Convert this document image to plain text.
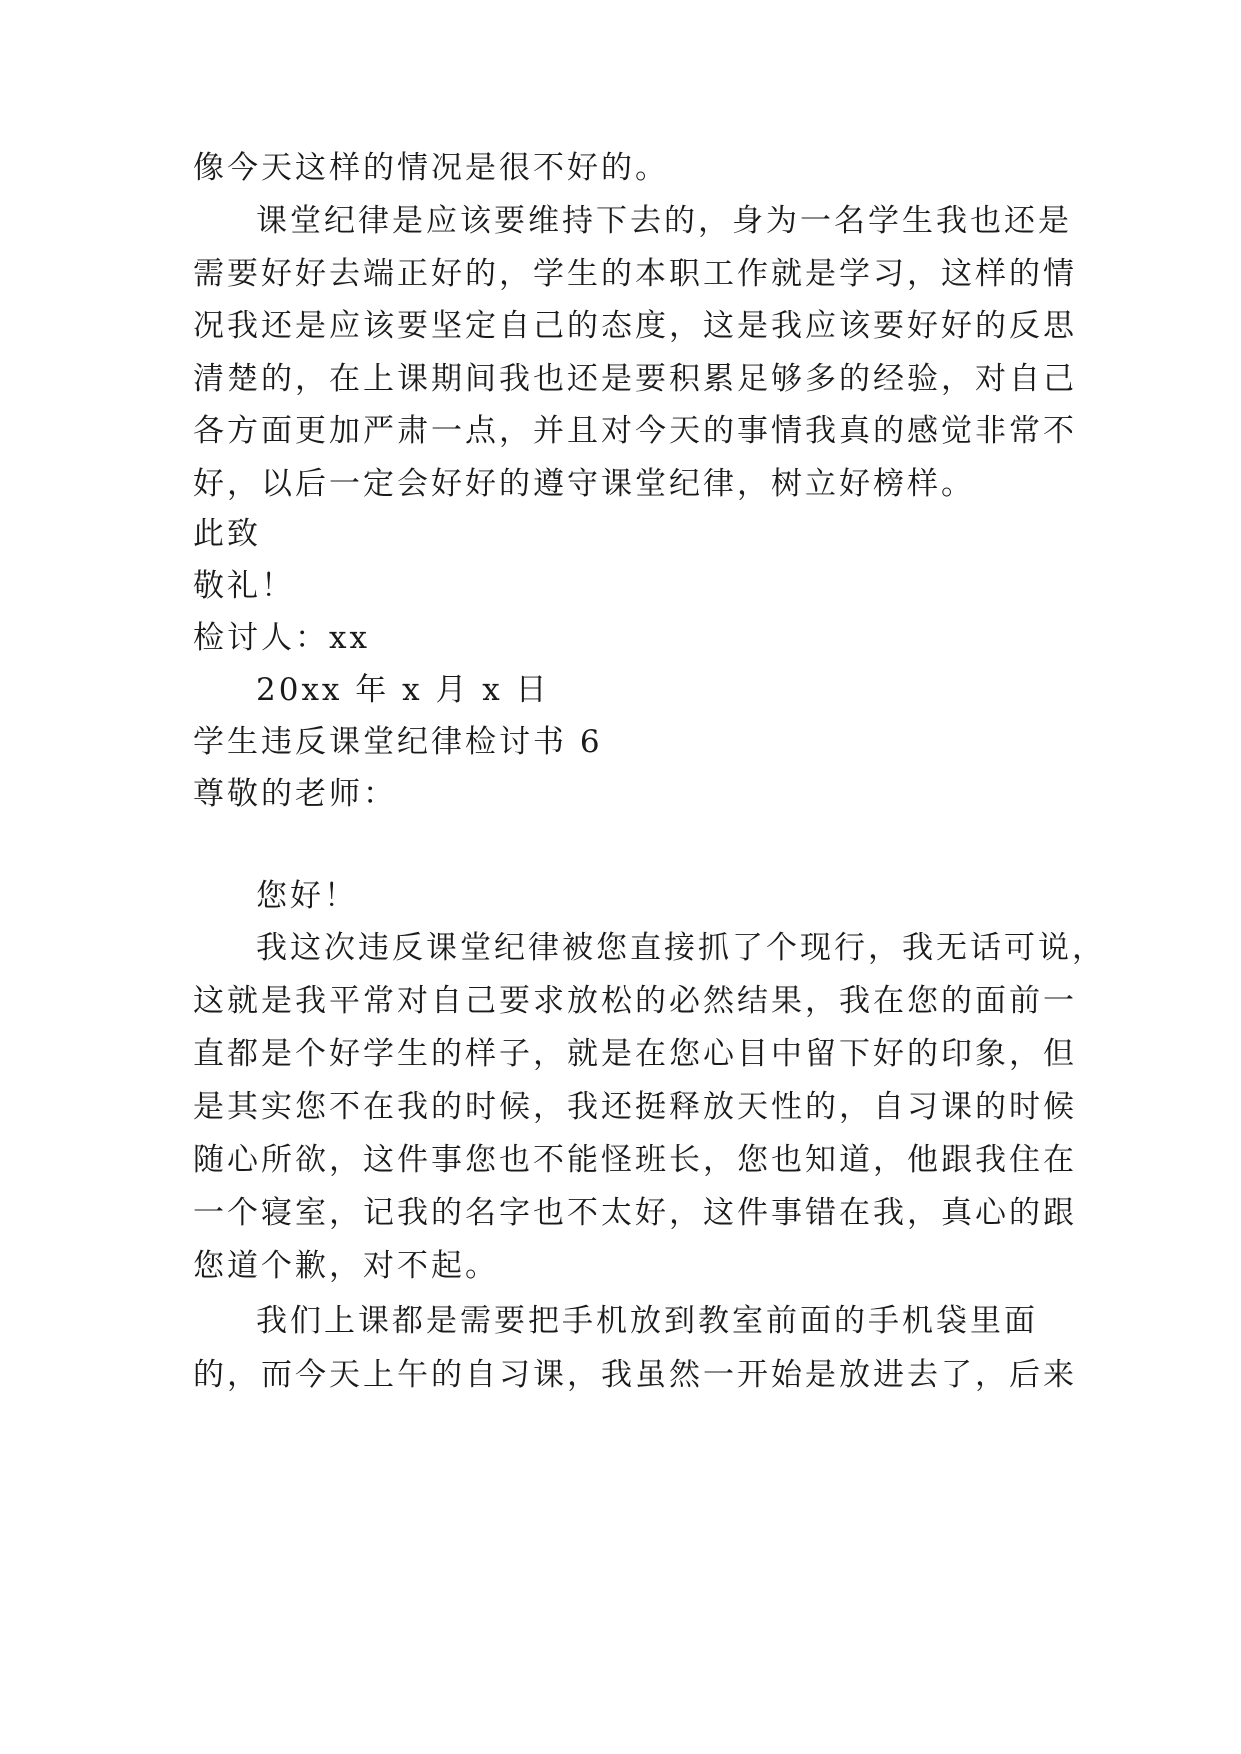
像今天这样的情况是很不好的。
课堂纪律是应该要维持下去的，身为一名学生我也还是
需要好好去端正好的，学生的本职工作就是学习，这样的情
况我还是应该要坚定自己的态度，这是我应该要好好的反思
清楚的，在上课期间我也还是要积累足够多的经验，对自己
各方面更加严肃一点，并且对今天的事情我真的感觉非常不
好，以后一定会好好的遵守课堂纪律，树立好榜样。
此致
敬礼！
检讨人：xx
20xx 年 x 月 x 日
学生违反课堂纪律检讨书 6
尊敬的老师：
您好！
我这次违反课堂纪律被您直接抓了个现行，我无话可说，
这就是我平常对自己要求放松的必然结果，我在您的面前一
直都是个好学生的样子，就是在您心目中留下好的印象，但
是其实您不在我的时候，我还挺释放天性的，自习课的时候
随心所欲，这件事您也不能怪班长，您也知道，他跟我住在
一个寝室，记我的名字也不太好，这件事错在我，真心的跟
您道个歉，对不起。
我们上课都是需要把手机放到教室前面的手机袋里面
的，而今天上午的自习课，我虽然一开始是放进去了，后来
